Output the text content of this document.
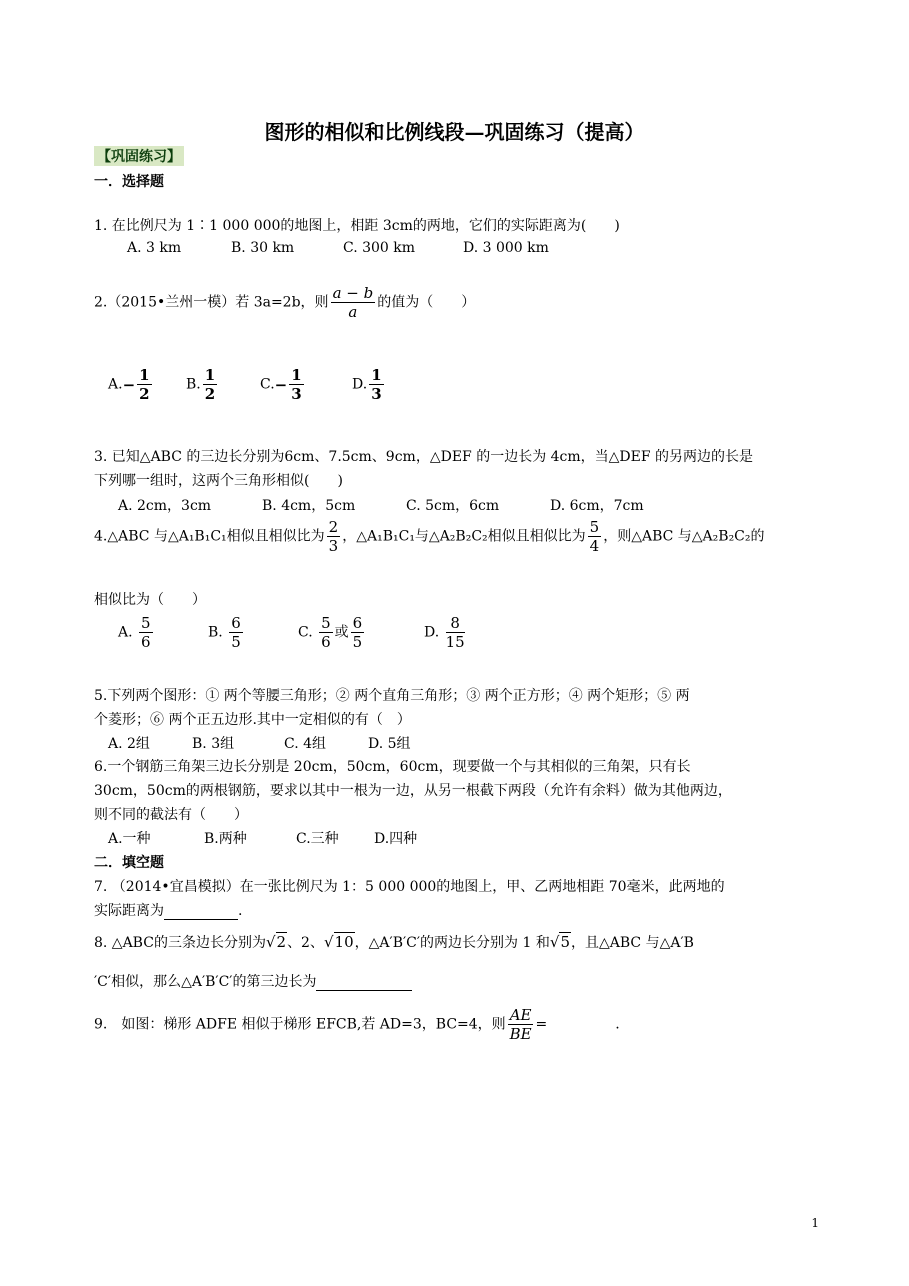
图形的相似和比例线段—巩固练习（提高）
【巩固练习】
一．选择题
1. 在比例尺为 1∶1 000 000的地图上，相距 3cm的两地，它们的实际距离为(　　)
A. 3 km	B. 30 km	C. 300 km	D. 3 000 km
2.（2015•兰州一模）若 3a=2b，则 $\frac{a - b}{a}$ 的值为（　　）
$A.- \frac{1}{2} B$. $\frac{1}{2}$	$C.- \frac{1}{3}$	D. $\frac{1}{3}$
3. 已知△ABC 的三边长分别为6cm、7.5cm、9cm，△DEF 的一边长为 4cm，当△DEF 的另两边的长是
下列哪一组时，这两个三角形相似(　　)
A. 2cm，3cm	B. 4cm，5cm	C. 5cm，6cm	D. 6cm，7cm
4.△ABC 与△A₁B₁C₁相似且相似比为 $\frac{2}{3}$ ，△A₁B₁C₁与△A₂B₂C₂相似且相似比为 $\frac{5}{4}$ ，则△ABC 与△A₂B₂C₂的
相似比为（　　）
A. $\frac{5}{6}$	B. $\frac{6}{5}$	C. $\frac{5}{6}$ 或 $\frac{6}{5}$	D. $\frac{8}{15}$
5.下列两个图形：① 两个等腰三角形；② 两个直角三角形；③ 两个正方形；④ 两个矩形；⑤ 两
个菱形；⑥ 两个正五边形.其中一定相似的有（　）
A. 2组	B. 3组	C. 4组	D. 5组
6.一个钢筋三角架三边长分别是 20cm，50cm，60cm，现要做一个与其相似的三角架，只有长
30cm，50cm的两根钢筋，要求以其中一根为一边，从另一根截下两段（允许有余料）做为其他两边，
则不同的截法有（　　）
A.一种	B.两种	C.三种	D.四种
二．填空题
7. （2014•宜昌模拟）在一张比例尺为 1：5 000 000的地图上，甲、乙两地相距 70毫米，此两地的
实际距离为	.
8. △ABC的三条边长分别为√2、2、√10，△A′B′C′的两边长分别为 1 和√5，且△ABC 与△A′B
′C′相似，那么△A′B′C′的第三边长为
9.　如图：梯形 ADFE 相似于梯形 EFCB,若 AD=3，BC=4，则 $\frac{AE}{BE}$ =	.
1
